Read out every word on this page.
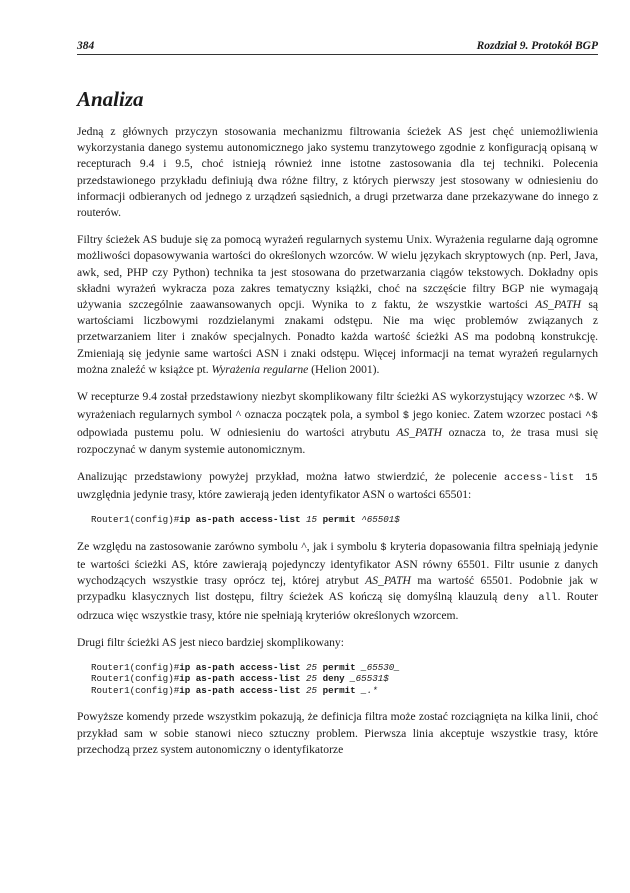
384	Rozdział 9. Protokół BGP
Analiza

Jedną z głównych przyczyn stosowania mechanizmu filtrowania ścieżek AS jest chęć uniemożliwienia wykorzystania danego systemu autonomicznego jako systemu tranzytowego zgodnie z konfiguracją opisaną w recepturach 9.4 i 9.5, choć istnieją również inne istotne zastosowania dla tej techniki. Polecenia przedstawionego przykładu definiują dwa różne filtry, z których pierwszy jest stosowany w odniesieniu do informacji odbieranych od jednego z urządzeń sąsiednich, a drugi przetwarza dane przekazywane do innego z routerów.

Filtry ścieżek AS buduje się za pomocą wyrażeń regularnych systemu Unix. Wyrażenia regularne dają ogromne możliwości dopasowywania wartości do określonych wzorców. W wielu językach skryptowych (np. Perl, Java, awk, sed, PHP czy Python) technika ta jest stosowana do przetwarzania ciągów tekstowych. Dokładny opis składni wyrażeń wykracza poza zakres tematyczny książki, choć na szczęście filtry BGP nie wymagają używania szczególnie zaawansowanych opcji. Wynika to z faktu, że wszystkie wartości AS_PATH są wartościami liczbowymi rozdzielanymi znakami odstępu. Nie ma więc problemów związanych z przetwarzaniem liter i znaków specjalnych. Ponadto każda wartość ścieżki AS ma podobną konstrukcję. Zmieniają się jedynie same wartości ASN i znaki odstępu. Więcej informacji na temat wyrażeń regularnych można znaleźć w książce pt. Wyrażenia regularne (Helion 2001).

W recepturze 9.4 został przedstawiony niezbyt skomplikowany filtr ścieżki AS wykorzystujący wzorzec ^$. W wyrażeniach regularnych symbol ^ oznacza początek pola, a symbol $ jego koniec. Zatem wzorzec postaci ^$ odpowiada pustemu polu. W odniesieniu do wartości atrybutu AS_PATH oznacza to, że trasa musi się rozpoczynać w danym systemie autonomicznym.

Analizując przedstawiony powyżej przykład, można łatwo stwierdzić, że polecenie access-list 15 uwzględnia jedynie trasy, które zawierają jeden identyfikator ASN o wartości 65501:

Router1(config)#ip as-path access-list 15 permit ^65501$

Ze względu na zastosowanie zarówno symbolu ^, jak i symbolu $ kryteria dopasowania filtra spełniają jedynie te wartości ścieżki AS, które zawierają pojedynczy identyfikator ASN równy 65501. Filtr usunie z danych wychodzących wszystkie trasy oprócz tej, której atrybut AS_PATH ma wartość 65501. Podobnie jak w przypadku klasycznych list dostępu, filtry ścieżek AS kończą się domyślną klauzulą deny all. Router odrzuca więc wszystkie trasy, które nie spełniają kryteriów określonych wzorcem.

Drugi filtr ścieżki AS jest nieco bardziej skomplikowany:

Router1(config)#ip as-path access-list 25 permit _65530_
Router1(config)#ip as-path access-list 25 deny _65531$
Router1(config)#ip as-path access-list 25 permit _.*

Powyższe komendy przede wszystkim pokazują, że definicja filtra może zostać rozciągnięta na kilka linii, choć przykład sam w sobie stanowi nieco sztuczny problem. Pierwsza linia akceptuje wszystkie trasy, które przechodzą przez system autonomiczny o identyfikatorze
